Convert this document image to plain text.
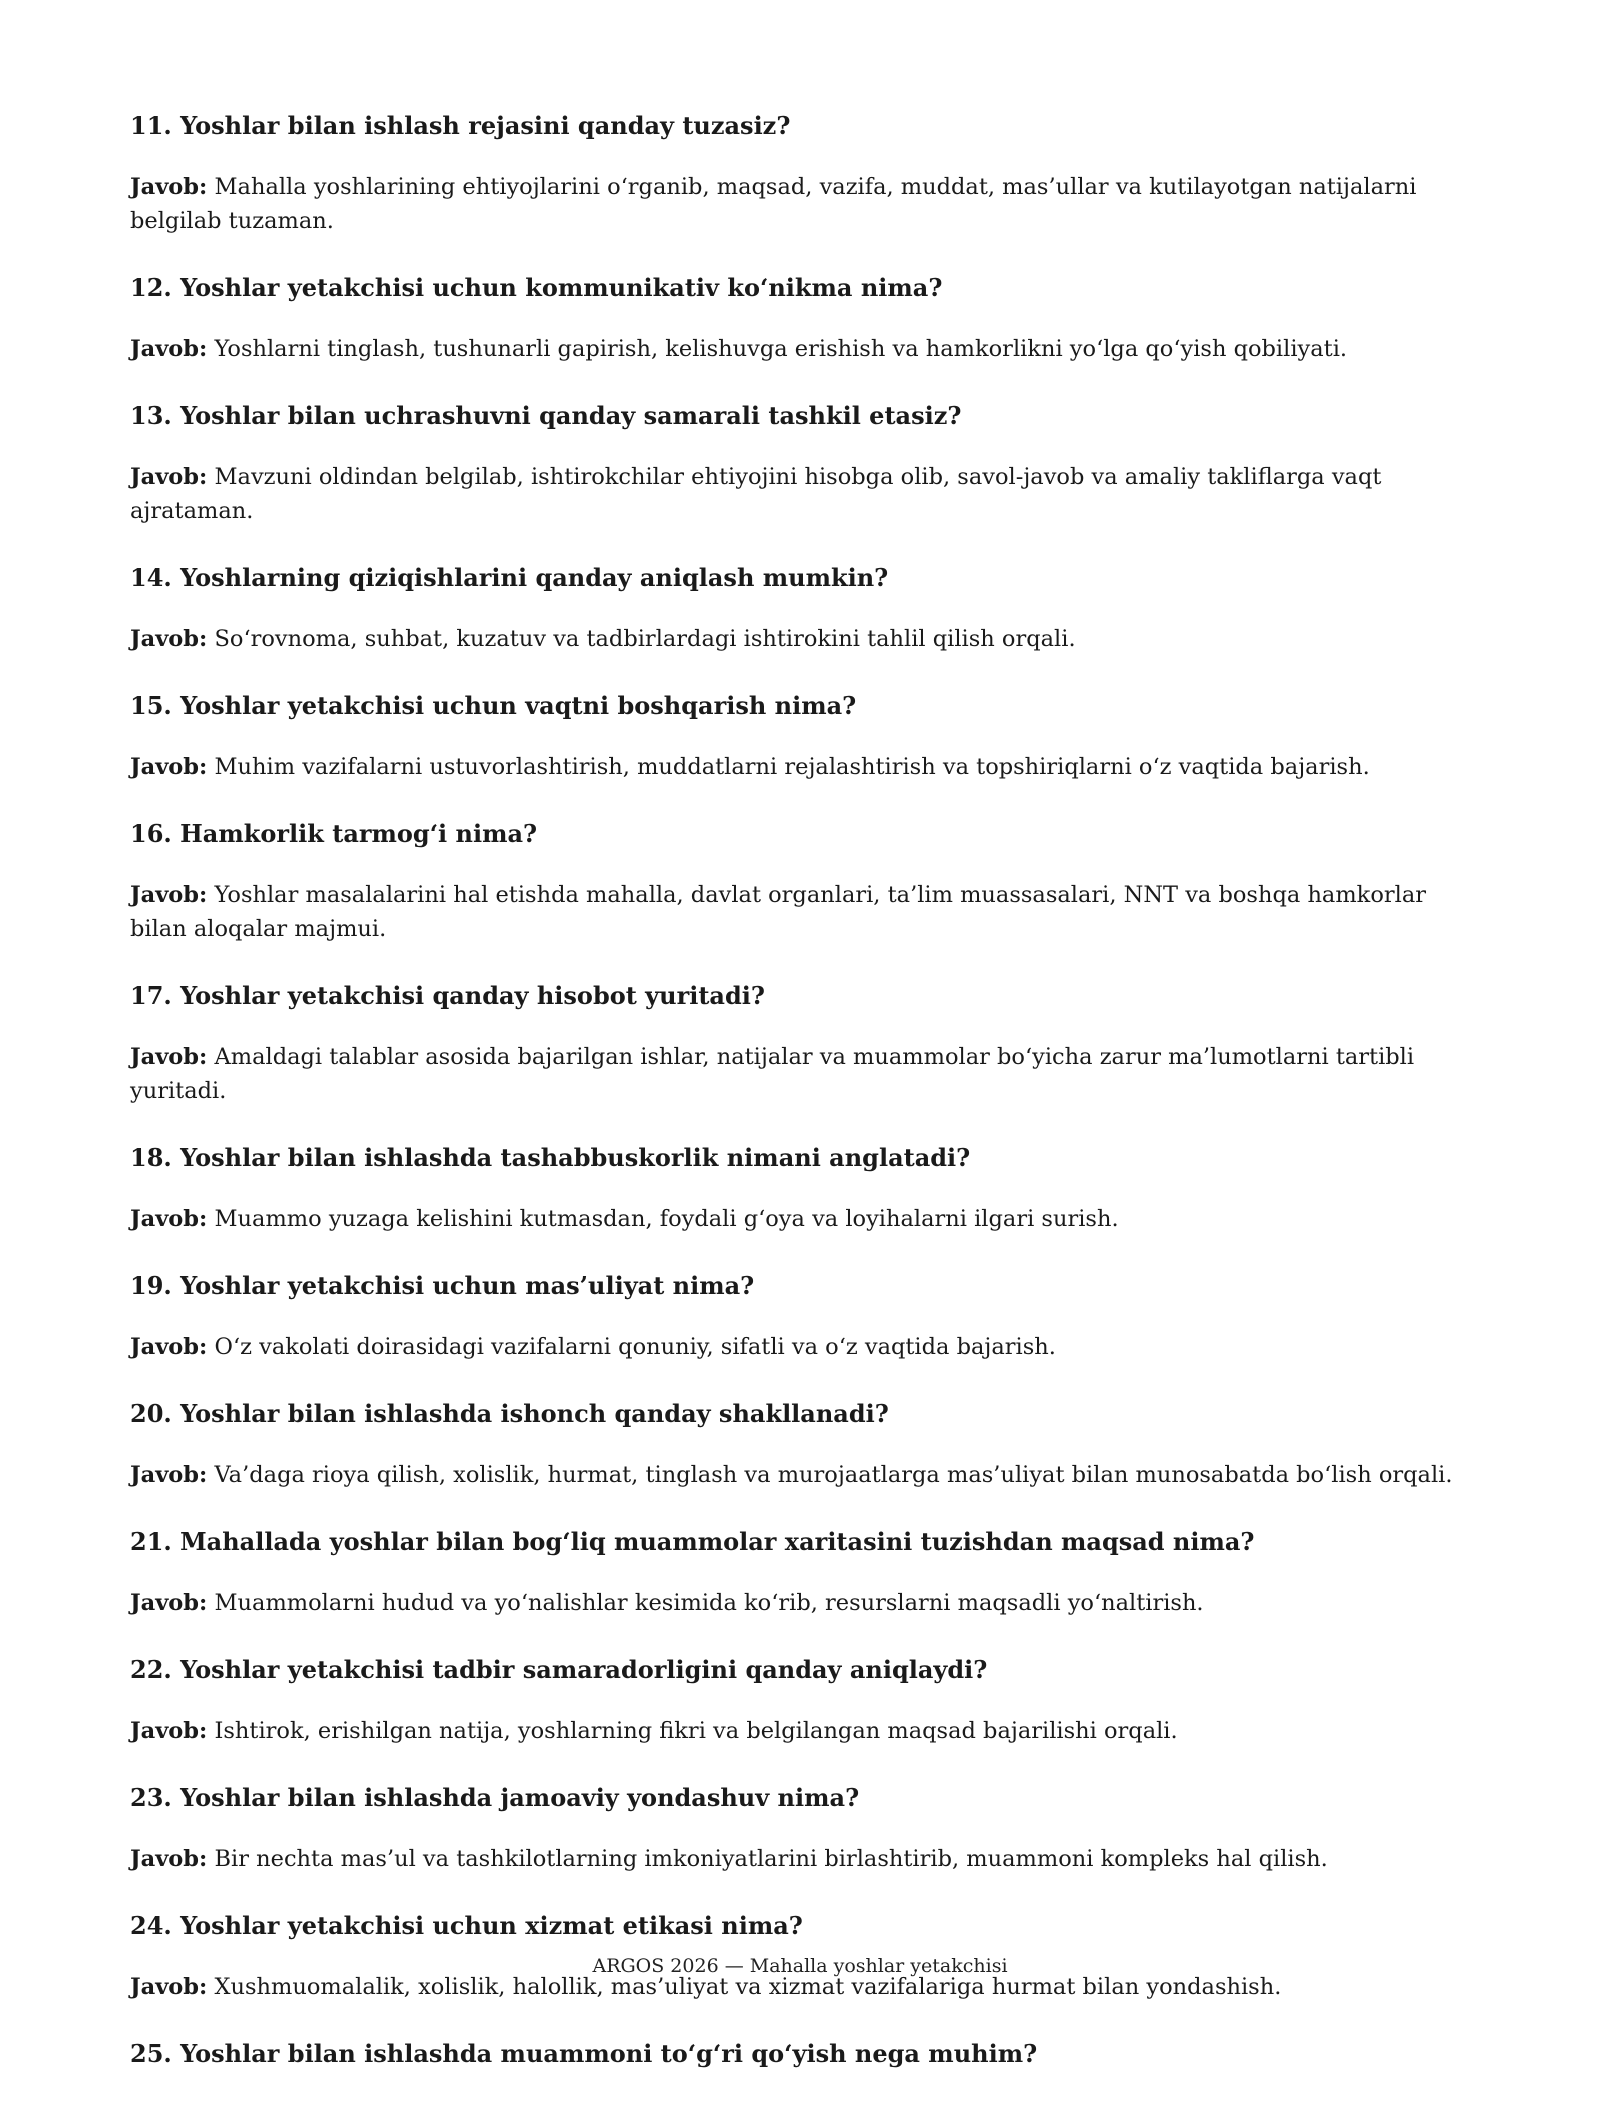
11. Yoshlar bilan ishlash rejasini qanday tuzasiz?

Javob: Mahalla yoshlarining ehtiyojlarini o‘rganib, maqsad, vazifa, muddat, mas’ullar va kutilayotgan natijalarni belgilab tuzaman.

12. Yoshlar yetakchisi uchun kommunikativ ko‘nikma nima?

Javob: Yoshlarni tinglash, tushunarli gapirish, kelishuvga erishish va hamkorlikni yo‘lga qo‘yish qobiliyati.

13. Yoshlar bilan uchrashuvni qanday samarali tashkil etasiz?

Javob: Mavzuni oldindan belgilab, ishtirokchilar ehtiyojini hisobga olib, savol-javob va amaliy takliflarga vaqt ajrataman.

14. Yoshlarning qiziqishlarini qanday aniqlash mumkin?

Javob: So‘rovnoma, suhbat, kuzatuv va tadbirlardagi ishtirokini tahlil qilish orqali.

15. Yoshlar yetakchisi uchun vaqtni boshqarish nima?

Javob: Muhim vazifalarni ustuvorlashtirish, muddatlarni rejalashtirish va topshiriqlarni o‘z vaqtida bajarish.

16. Hamkorlik tarmog‘i nima?

Javob: Yoshlar masalalarini hal etishda mahalla, davlat organlari, ta’lim muassasalari, NNT va boshqa hamkorlar bilan aloqalar majmui.

17. Yoshlar yetakchisi qanday hisobot yuritadi?

Javob: Amaldagi talablar asosida bajarilgan ishlar, natijalar va muammolar bo‘yicha zarur ma’lumotlarni tartibli yuritadi.

18. Yoshlar bilan ishlashda tashabbuskorlik nimani anglatadi?

Javob: Muammo yuzaga kelishini kutmasdan, foydali g‘oya va loyihalarni ilgari surish.

19. Yoshlar yetakchisi uchun mas’uliyat nima?

Javob: O‘z vakolati doirasidagi vazifalarni qonuniy, sifatli va o‘z vaqtida bajarish.

20. Yoshlar bilan ishlashda ishonch qanday shakllanadi?

Javob: Va’daga rioya qilish, xolislik, hurmat, tinglash va murojaatlarga mas’uliyat bilan munosabatda bo‘lish orqali.

21. Mahallada yoshlar bilan bog‘liq muammolar xaritasini tuzishdan maqsad nima?

Javob: Muammolarni hudud va yo‘nalishlar kesimida ko‘rib, resurslarni maqsadli yo‘naltirish.

22. Yoshlar yetakchisi tadbir samaradorligini qanday aniqlaydi?

Javob: Ishtirok, erishilgan natija, yoshlarning fikri va belgilangan maqsad bajarilishi orqali.

23. Yoshlar bilan ishlashda jamoaviy yondashuv nima?

Javob: Bir nechta mas’ul va tashkilotlarning imkoniyatlarini birlashtirib, muammoni kompleks hal qilish.

24. Yoshlar yetakchisi uchun xizmat etikasi nima?

Javob: Xushmuomalalik, xolislik, halollik, mas’uliyat va xizmat vazifalariga hurmat bilan yondashish.

25. Yoshlar bilan ishlashda muammoni to‘g‘ri qo‘yish nega muhim?
ARGOS 2026 — Mahalla yoshlar yetakchisi
